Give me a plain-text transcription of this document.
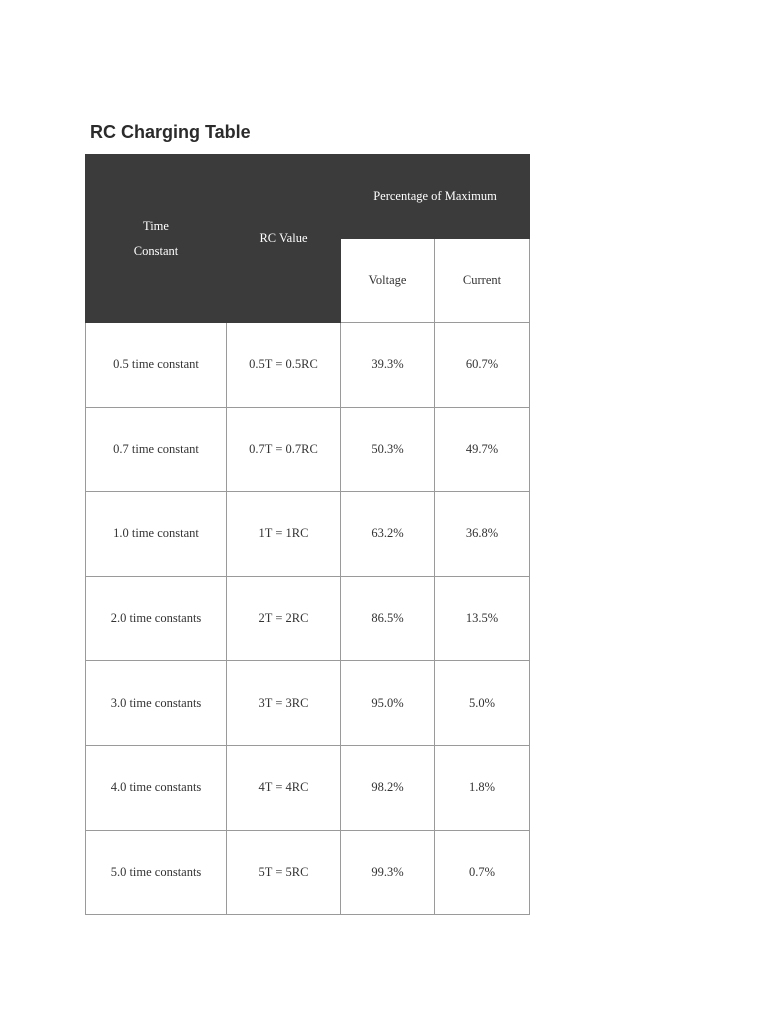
RC Charging Table
Time
Constant	RC Value	Percentage of Maximum	
		Voltage	Current
0.5 time constant	0.5T = 0.5RC	39.3%	60.7%
0.7 time constant	0.7T = 0.7RC	50.3%	49.7%
1.0 time constant	1T = 1RC	63.2%	36.8%
2.0 time constants	2T = 2RC	86.5%	13.5%
3.0 time constants	3T = 3RC	95.0%	5.0%
4.0 time constants	4T = 4RC	98.2%	1.8%
5.0 time constants	5T = 5RC	99.3%	0.7%
